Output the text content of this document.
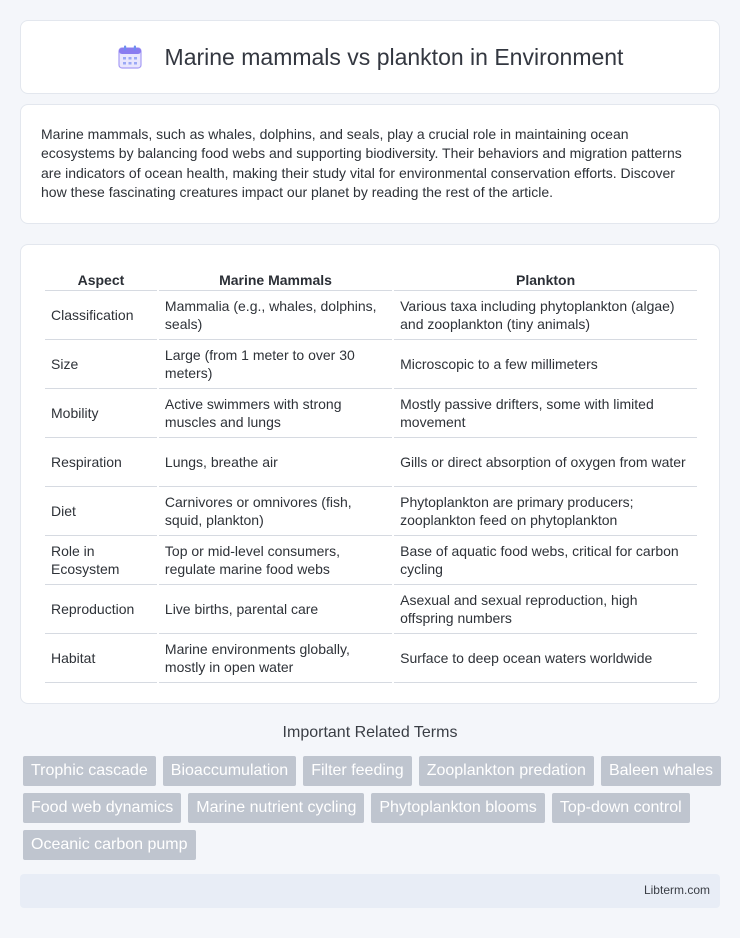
Marine mammals vs plankton in Environment

Marine mammals, such as whales, dolphins, and seals, play a crucial role in maintaining ocean ecosystems by balancing food webs and supporting biodiversity. Their behaviors and migration patterns are indicators of ocean health, making their study vital for environmental conservation efforts. Discover how these fascinating creatures impact our planet by reading the rest of the article.

Aspect	Marine Mammals	Plankton
Classification	Mammalia (e.g., whales, dolphins, seals)	Various taxa including phytoplankton (algae) and zooplankton (tiny animals)
Size	Large (from 1 meter to over 30 meters)	Microscopic to a few millimeters
Mobility	Active swimmers with strong muscles and lungs	Mostly passive drifters, some with limited movement
Respiration	Lungs, breathe air	Gills or direct absorption of oxygen from water
Diet	Carnivores or omnivores (fish, squid, plankton)	Phytoplankton are primary producers; zooplankton feed on phytoplankton
Role in Ecosystem	Top or mid-level consumers, regulate marine food webs	Base of aquatic food webs, critical for carbon cycling
Reproduction	Live births, parental care	Asexual and sexual reproduction, high offspring numbers
Habitat	Marine environments globally, mostly in open water	Surface to deep ocean waters worldwide
Important Related Terms
Trophic cascade	Bioaccumulation	Filter feeding	Zooplankton predation	Baleen whales
Food web dynamics	Marine nutrient cycling	Phytoplankton blooms	Top-down control
Oceanic carbon pump
Libterm.com
